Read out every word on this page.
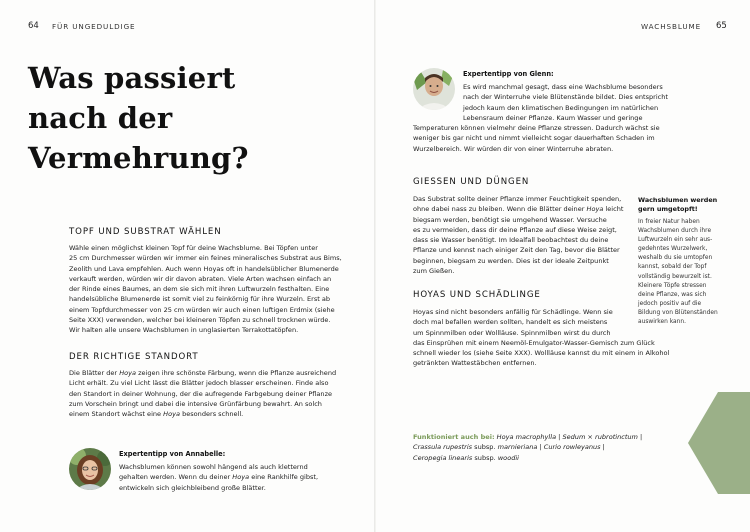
64 FÜR UNGEDULDIGE	WACHSBLUME 65
Was passiert
nach der
Vermehrung?
TOPF UND SUBSTRAT WÄHLEN
Wähle einen möglichst kleinen Topf für deine Wachsblume. Bei Töpfen unter
25 cm Durchmesser würden wir immer ein feines mineralisches Substrat aus Bims,
Zeolith und Lava empfehlen. Auch wenn Hoyas oft in handelsüblicher Blumenerde
verkauft werden, würden wir dir davon abraten. Viele Arten wachsen einfach an
der Rinde eines Baumes, an dem sie sich mit ihren Luftwurzeln festhalten. Eine
handelsübliche Blumenerde ist somit viel zu feinkörnig für ihre Wurzeln. Erst ab
einem Topfdurchmesser von 25 cm würden wir auch einen luftigen Erdmix (siehe
Seite XXX) verwenden, welcher bei kleineren Töpfen zu schnell trocknen würde.
Wir halten alle unsere Wachsblumen in unglasierten Terrakottatöpfen.
DER RICHTIGE STANDORT
Die Blätter der Hoya zeigen ihre schönste Färbung, wenn die Pflanze ausreichend
Licht erhält. Zu viel Licht lässt die Blätter jedoch blasser erscheinen. Finde also
den Standort in deiner Wohnung, der die aufregende Farbgebung deiner Pflanze
zum Vorschein bringt und dabei die intensive Grünfärbung bewahrt. An solch
einem Standort wächst eine Hoya besonders schnell.
Expertentipp von Annabelle:
Wachsblumen können sowohl hängend als auch kletternd
gehalten werden. Wenn du deiner Hoya eine Rankhilfe gibst,
entwickeln sich gleichbleibend große Blätter.
Expertentipp von Glenn:
Es wird manchmal gesagt, dass eine Wachsblume besonders
nach der Winterruhe viele Blütenstände bildet. Dies entspricht
jedoch kaum den klimatischen Bedingungen im natürlichen
Lebensraum deiner Pflanze. Kaum Wasser und geringe
Temperaturen können vielmehr deine Pflanze stressen. Dadurch wächst sie
weniger bis gar nicht und nimmt vielleicht sogar dauerhaften Schaden im
Wurzelbereich. Wir würden dir von einer Winterruhe abraten.
GIESSEN UND DÜNGEN
Das Substrat sollte deiner Pflanze immer Feuchtigkeit spenden,
ohne dabei nass zu bleiben. Wenn die Blätter deiner Hoya leicht
biegsam werden, benötigt sie umgehend Wasser. Versuche
es zu vermeiden, dass dir deine Pflanze auf diese Weise zeigt,
dass sie Wasser benötigt. Im Idealfall beobachtest du deine
Pflanze und kennst nach einiger Zeit den Tag, bevor die Blätter
beginnen, biegsam zu werden. Dies ist der ideale Zeitpunkt
zum Gießen.
HOYAS UND SCHÄDLINGE
Hoyas sind nicht besonders anfällig für Schädlinge. Wenn sie
doch mal befallen werden sollten, handelt es sich meistens
um Spinnmilben oder Wollläuse. Spinnmilben wirst du durch
das Einsprühen mit einem Neemöl-Emulgator-Wasser-Gemisch zum Glück
schnell wieder los (siehe Seite XXX). Wollläuse kannst du mit einem in Alkohol
getränkten Wattestäbchen entfernen.
Wachsblumen werden
gern umgetopft!
In freier Natur haben
Wachsblumen durch ihre
Luftwurzeln ein sehr aus-
gedehntes Wurzelwerk,
weshalb du sie umtopfen
kannst, sobald der Topf
vollständig bewurzelt ist.
Kleinere Töpfe stressen
deine Pflanze, was sich
jedoch positiv auf die
Bildung von Blütenständen
auswirken kann.
Funktioniert auch bei: Hoya macrophylla | Sedum × rubrotinctum |
Crassula rupestris subsp. marnieriana | Curio rowleyanus |
Ceropegia linearis subsp. woodii
